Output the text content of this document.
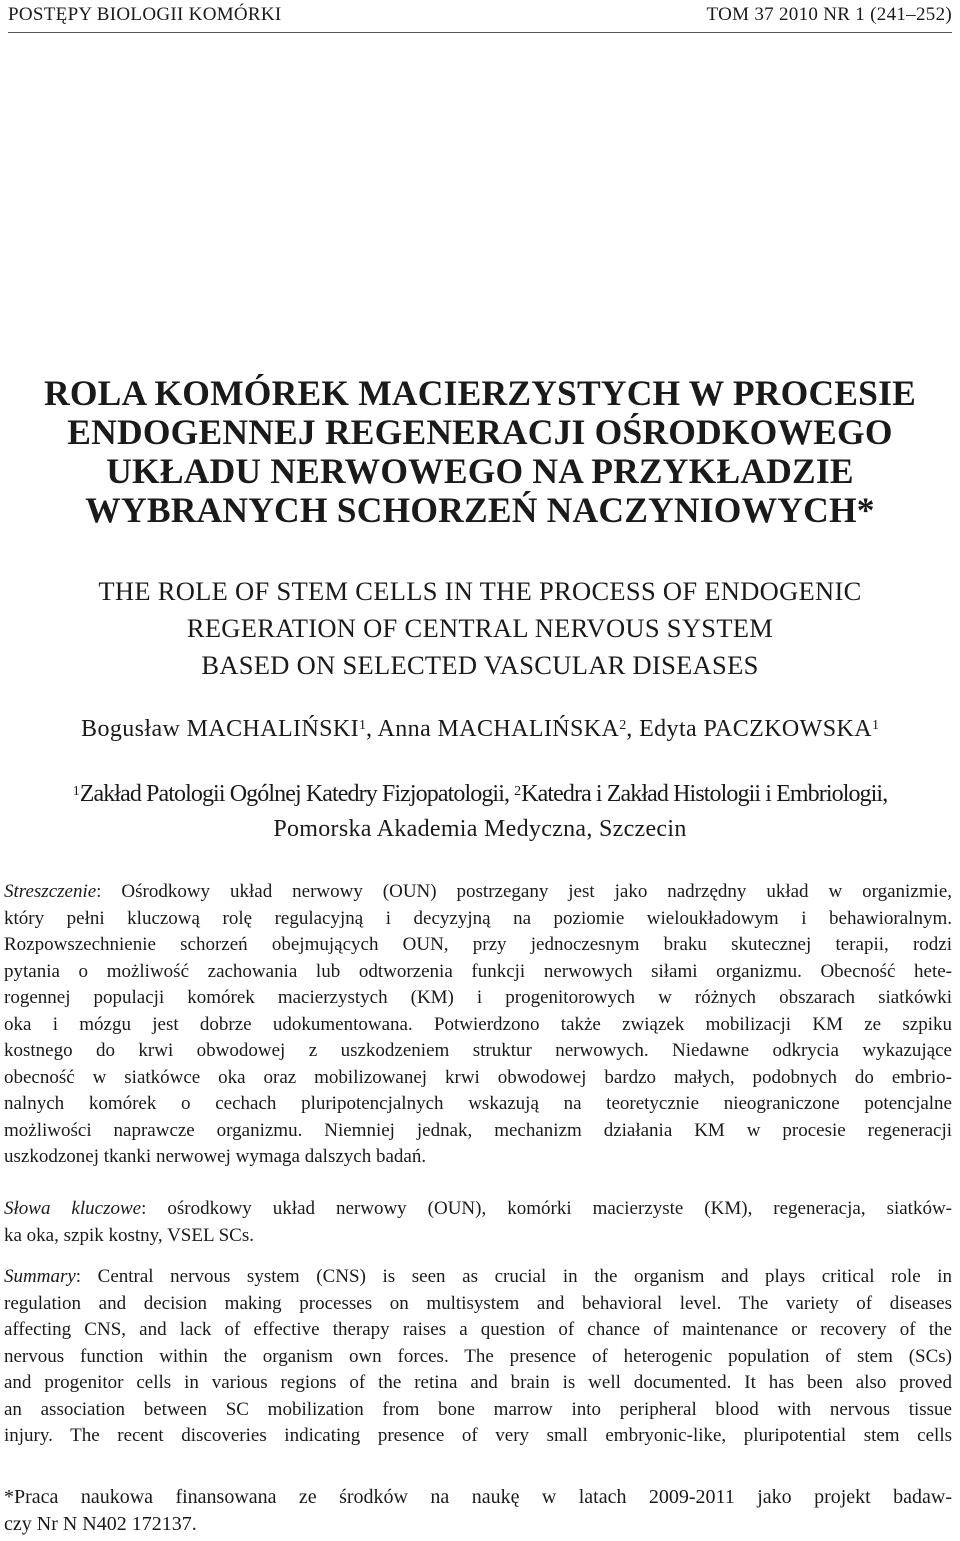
POSTĘPY BIOLOGII KOMÓRKI	TOM 37 2010 NR 1 (241–252)
ROLA KOMÓREK MACIERZYSTYCH W PROCESIE
ENDOGENNEJ REGENERACJI OŚRODKOWEGO
UKŁADU NERWOWEGO NA PRZYKŁADZIE
WYBRANYCH SCHORZEŃ NACZYNIOWYCH*
THE ROLE OF STEM CELLS IN THE PROCESS OF ENDOGENIC
REGERATION OF CENTRAL NERVOUS SYSTEM
BASED ON SELECTED VASCULAR DISEASES
Bogusław MACHALIŃSKI$^1$, Anna MACHALIŃSKA$^2$, Edyta PACZKOWSKA$^1$
$^1$Zakład Patologii Ogólnej Katedry Fizjopatologii, $^2$Katedra i Zakład Histologii i Embriologii,
Pomorska Akademia Medyczna, Szczecin
Streszczenie: Ośrodkowy układ nerwowy (OUN) postrzegany jest jako nadrzędny układ w organizmie,
który pełni kluczową rolę regulacyjną i decyzyjną na poziomie wieloukładowym i behawioralnym.
Rozpowszechnienie schorzeń obejmujących OUN, przy jednoczesnym braku skutecznej terapii, rodzi
pytania o możliwość zachowania lub odtworzenia funkcji nerwowych siłami organizmu. Obecność hete-
rogennej populacji komórek macierzystych (KM) i progenitorowych w różnych obszarach siatkówki
oka i mózgu jest dobrze udokumentowana. Potwierdzono także związek mobilizacji KM ze szpiku
kostnego do krwi obwodowej z uszkodzeniem struktur nerwowych. Niedawne odkrycia wykazujące
obecność w siatkówce oka oraz mobilizowanej krwi obwodowej bardzo małych, podobnych do embrio-
nalnych komórek o cechach pluripotencjalnych wskazują na teoretycznie nieograniczone potencjalne
możliwości naprawcze organizmu. Niemniej jednak, mechanizm działania KM w procesie regeneracji
uszkodzonej tkanki nerwowej wymaga dalszych badań.
Słowa kluczowe: ośrodkowy układ nerwowy (OUN), komórki macierzyste (KM), regeneracja, siatków-
ka oka, szpik kostny, VSEL SCs.
Summary: Central nervous system (CNS) is seen as crucial in the organism and plays critical role in
regulation and decision making processes on multisystem and behavioral level. The variety of diseases
affecting CNS, and lack of effective therapy raises a question of chance of maintenance or recovery of the
nervous function within the organism own forces. The presence of heterogenic population of stem (SCs)
and progenitor cells in various regions of the retina and brain is well documented. It has been also proved
an association between SC mobilization from bone marrow into peripheral blood with nervous tissue
injury. The recent discoveries indicating presence of very small embryonic-like, pluripotential stem cells
*Praca naukowa finansowana ze środków na naukę w latach 2009-2011 jako projekt badaw-
czy Nr N N402 172137.
